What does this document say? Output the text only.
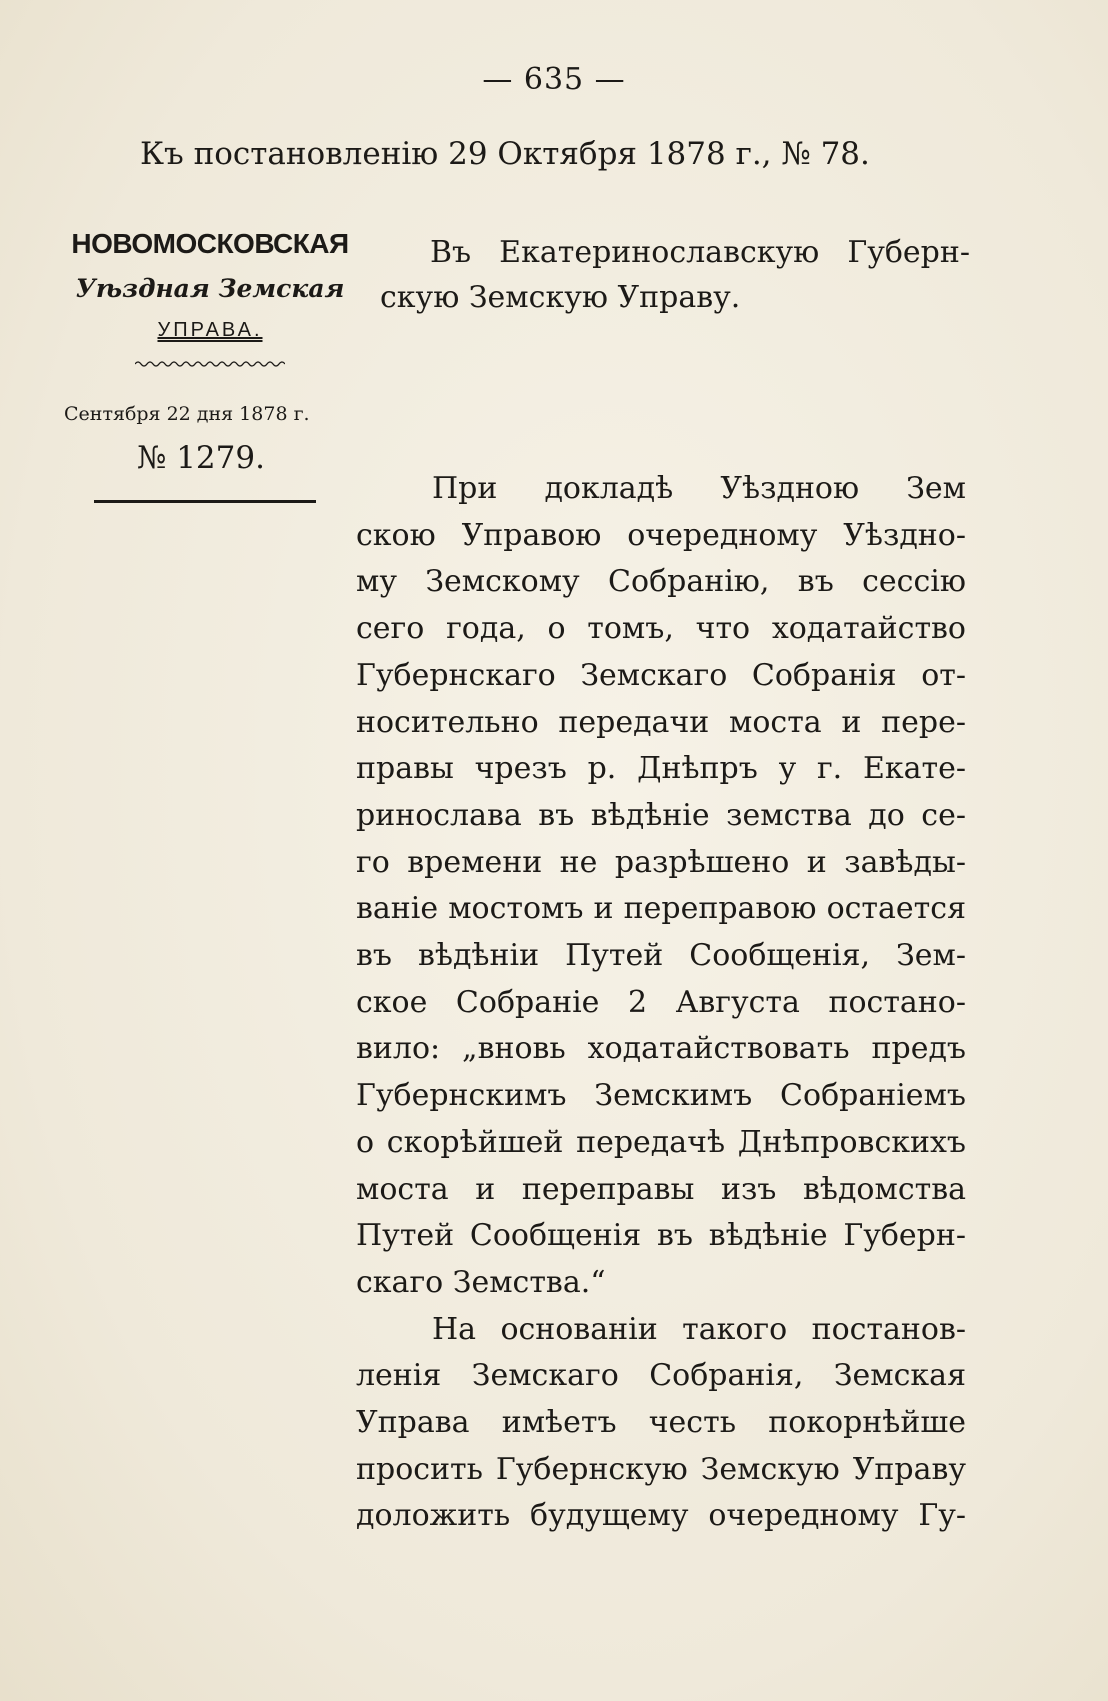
— 635 —
Къ постановленію 29 Октября 1878 г., № 78.
НОВОМОСКОВСКАЯ
Уѣздная Земская
УПРАВА.
Сентября 22 дня 1878 г.
№ 1279.
Въ Екатеринославскую Губерн-
скую Земскую Управу.
При докладѣ Уѣздною Зем
скою Управою очередному Уѣздно-
му Земскому Собранію, въ сессію
сего года, о томъ, что ходатайство
Губернскаго Земскаго Собранія от-
носительно передачи моста и пере-
правы чрезъ р. Днѣпръ у г. Екате-
ринослава въ вѣдѣніе земства до се-
го времени не разрѣшено и завѣды-
ваніе мостомъ и переправою остается
въ вѣдѣніи Путей Сообщенія, Зем-
ское Собраніе 2 Августа постано-
вило: „вновь ходатайствовать предъ
Губернскимъ Земскимъ Собраніемъ
о скорѣйшей передачѣ Днѣпровскихъ
моста и переправы изъ вѣдомства
Путей Сообщенія въ вѣдѣніе Губерн-
скаго Земства.“
На основаніи такого постанов-
ленія Земскаго Собранія, Земская
Управа имѣетъ честь покорнѣйше
просить Губернскую Земскую Управу
доложить будущему очередному Гу-
